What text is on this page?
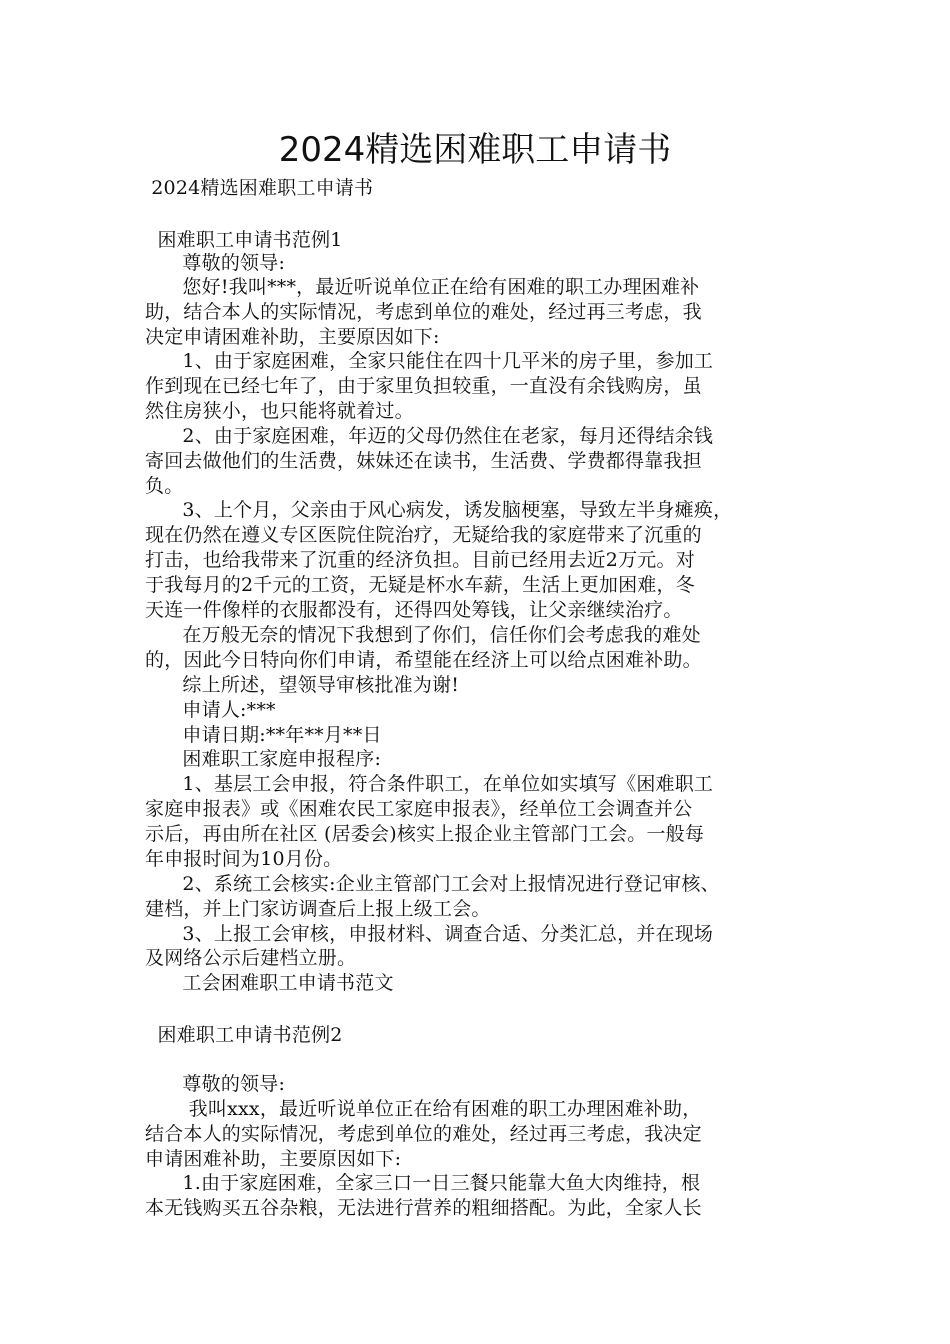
2024精选困难职工申请书
2024精选困难职工申请书
困难职工申请书范例1
尊敬的领导:
您好!我叫***，最近听说单位正在给有困难的职工办理困难补
助，结合本人的实际情况，考虑到单位的难处，经过再三考虑，我
决定申请困难补助，主要原因如下:
1、由于家庭困难，全家只能住在四十几平米的房子里，参加工
作到现在已经七年了，由于家里负担较重，一直没有余钱购房，虽
然住房狭小，也只能将就着过。
2、由于家庭困难，年迈的父母仍然住在老家，每月还得结余钱
寄回去做他们的生活费，妹妹还在读书，生活费、学费都得靠我担
负。
3、上个月，父亲由于风心病发，诱发脑梗塞，导致左半身瘫痪，
现在仍然在遵义专区医院住院治疗，无疑给我的家庭带来了沉重的
打击，也给我带来了沉重的经济负担。目前已经用去近2万元。对
于我每月的2千元的工资，无疑是杯水车薪，生活上更加困难，冬
天连一件像样的衣服都没有，还得四处筹钱，让父亲继续治疗。
在万般无奈的情况下我想到了你们，信任你们会考虑我的难处
的，因此今日特向你们申请，希望能在经济上可以给点困难补助。
综上所述，望领导审核批准为谢!
申请人:***
申请日期:**年**月**日
困难职工家庭申报程序:
1、基层工会申报，符合条件职工，在单位如实填写《困难职工
家庭申报表》或《困难农民工家庭申报表》，经单位工会调查并公
示后，再由所在社区 (居委会)核实上报企业主管部门工会。一般每
年申报时间为10月份。
2、系统工会核实:企业主管部门工会对上报情况进行登记审核、
建档，并上门家访调查后上报上级工会。
3、上报工会审核，申报材料、调查合适、分类汇总，并在现场
及网络公示后建档立册。
工会困难职工申请书范文
困难职工申请书范例2
尊敬的领导:
我叫xxx，最近听说单位正在给有困难的职工办理困难补助，
结合本人的实际情况，考虑到单位的难处，经过再三考虑，我决定
申请困难补助，主要原因如下:
1.由于家庭困难，全家三口一日三餐只能靠大鱼大肉维持，根
本无钱购买五谷杂粮，无法进行营养的粗细搭配。为此，全家人长
